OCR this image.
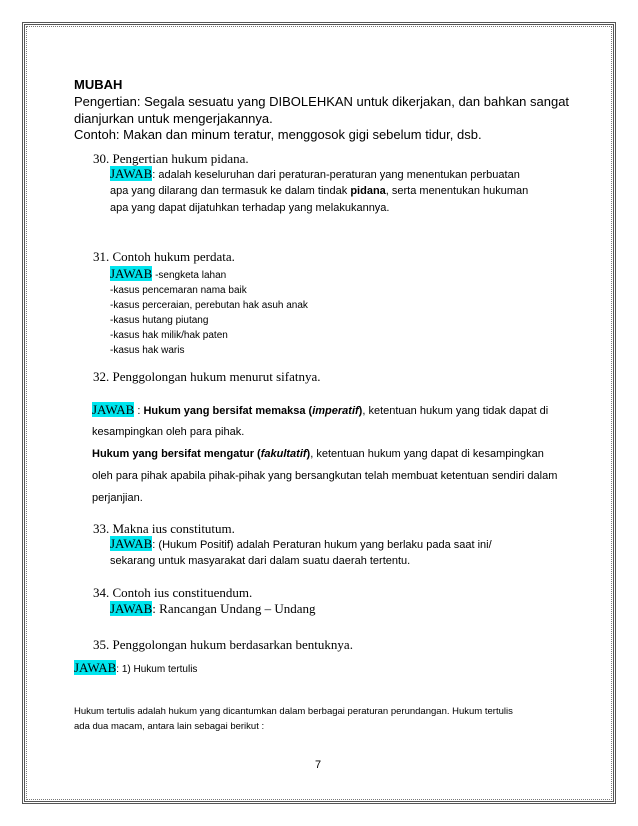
MUBAH
Pengertian: Segala sesuatu yang DIBOLEHKAN untuk dikerjakan, dan bahkan sangat
dianjurkan untuk mengerjakannya.
Contoh: Makan dan minum teratur, menggosok gigi sebelum tidur, dsb.
30. Pengertian hukum pidana.
JAWAB: adalah keseluruhan dari peraturan-peraturan yang menentukan perbuatan
apa yang dilarang dan termasuk ke dalam tindak pidana, serta menentukan hukuman
apa yang dapat dijatuhkan terhadap yang melakukannya.
31. Contoh hukum perdata.
JAWAB -sengketa lahan
-kasus pencemaran nama baik
-kasus perceraian, perebutan hak asuh anak
-kasus hutang piutang
-kasus hak milik/hak paten
-kasus hak waris
32. Penggolongan hukum menurut sifatnya.
JAWAB : Hukum yang bersifat memaksa (imperatif), ketentuan hukum yang tidak dapat di
kesampingkan oleh para pihak.
Hukum yang bersifat mengatur (fakultatif), ketentuan hukum yang dapat di kesampingkan
oleh para pihak apabila pihak-pihak yang bersangkutan telah membuat ketentuan sendiri dalam
perjanjian.
33. Makna ius constitutum.
JAWAB: (Hukum Positif) adalah Peraturan hukum yang berlaku pada saat ini/
sekarang untuk masyarakat dari dalam suatu daerah tertentu.
34. Contoh ius constituendum.
JAWAB: Rancangan Undang – Undang
35. Penggolongan hukum berdasarkan bentuknya.
JAWAB: 1) Hukum tertulis
Hukum tertulis adalah hukum yang dicantumkan dalam berbagai peraturan perundangan. Hukum tertulis
ada dua macam, antara lain sebagai berikut :
7
